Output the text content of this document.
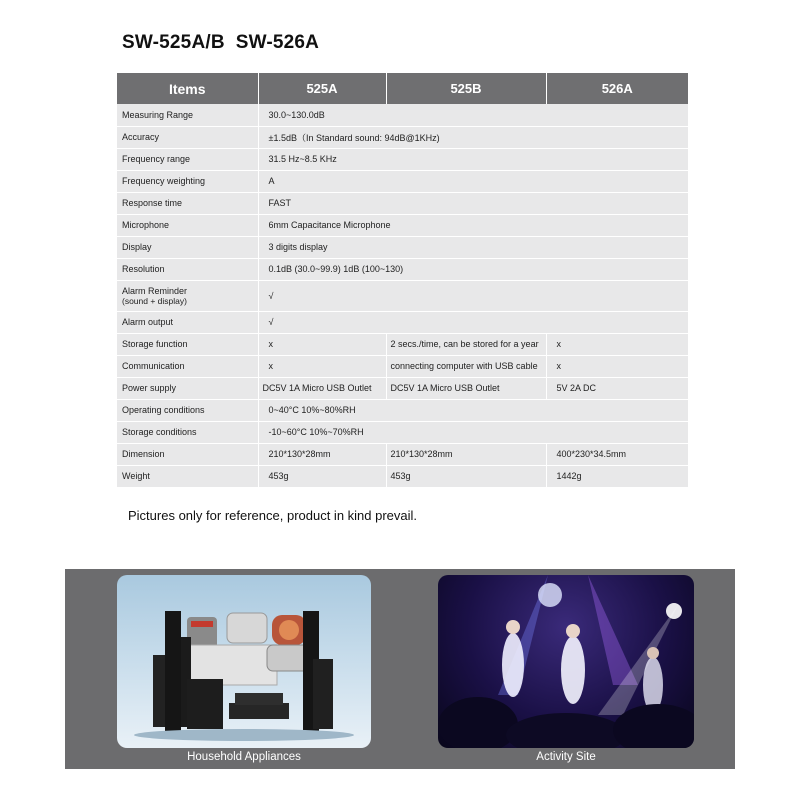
SW-525A/B  SW-526A
Items	525A	525B	526A
Measuring Range	30.0~130.0dB		
Accuracy	±1.5dB（In Standard sound: 94dB@1KHz)		
Frequency range	31.5 Hz~8.5 KHz		
Frequency weighting	A		
Response time	FAST		
Microphone	6mm Capacitance Microphone		
Display	3 digits display		
Resolution	0.1dB (30.0~99.9) 1dB (100~130)		

Alarm Reminder
(sound + display)	√		
Alarm output	√		
Storage function	x	2 secs./time, can be stored for a year	x
Communication	x	connecting computer with USB cable	x
Power supply	DC5V 1A Micro USB Outlet	DC5V 1A Micro USB Outlet	5V 2A DC
Operating conditions	0~40°C 10%~80%RH		
Storage conditions	-10~60°C 10%~70%RH		
Dimension	210*130*28mm	210*130*28mm	400*230*34.5mm
Weight	453g	453g	1442g
Pictures only for reference, product in kind prevail.
Household Appliances	Activity Site
